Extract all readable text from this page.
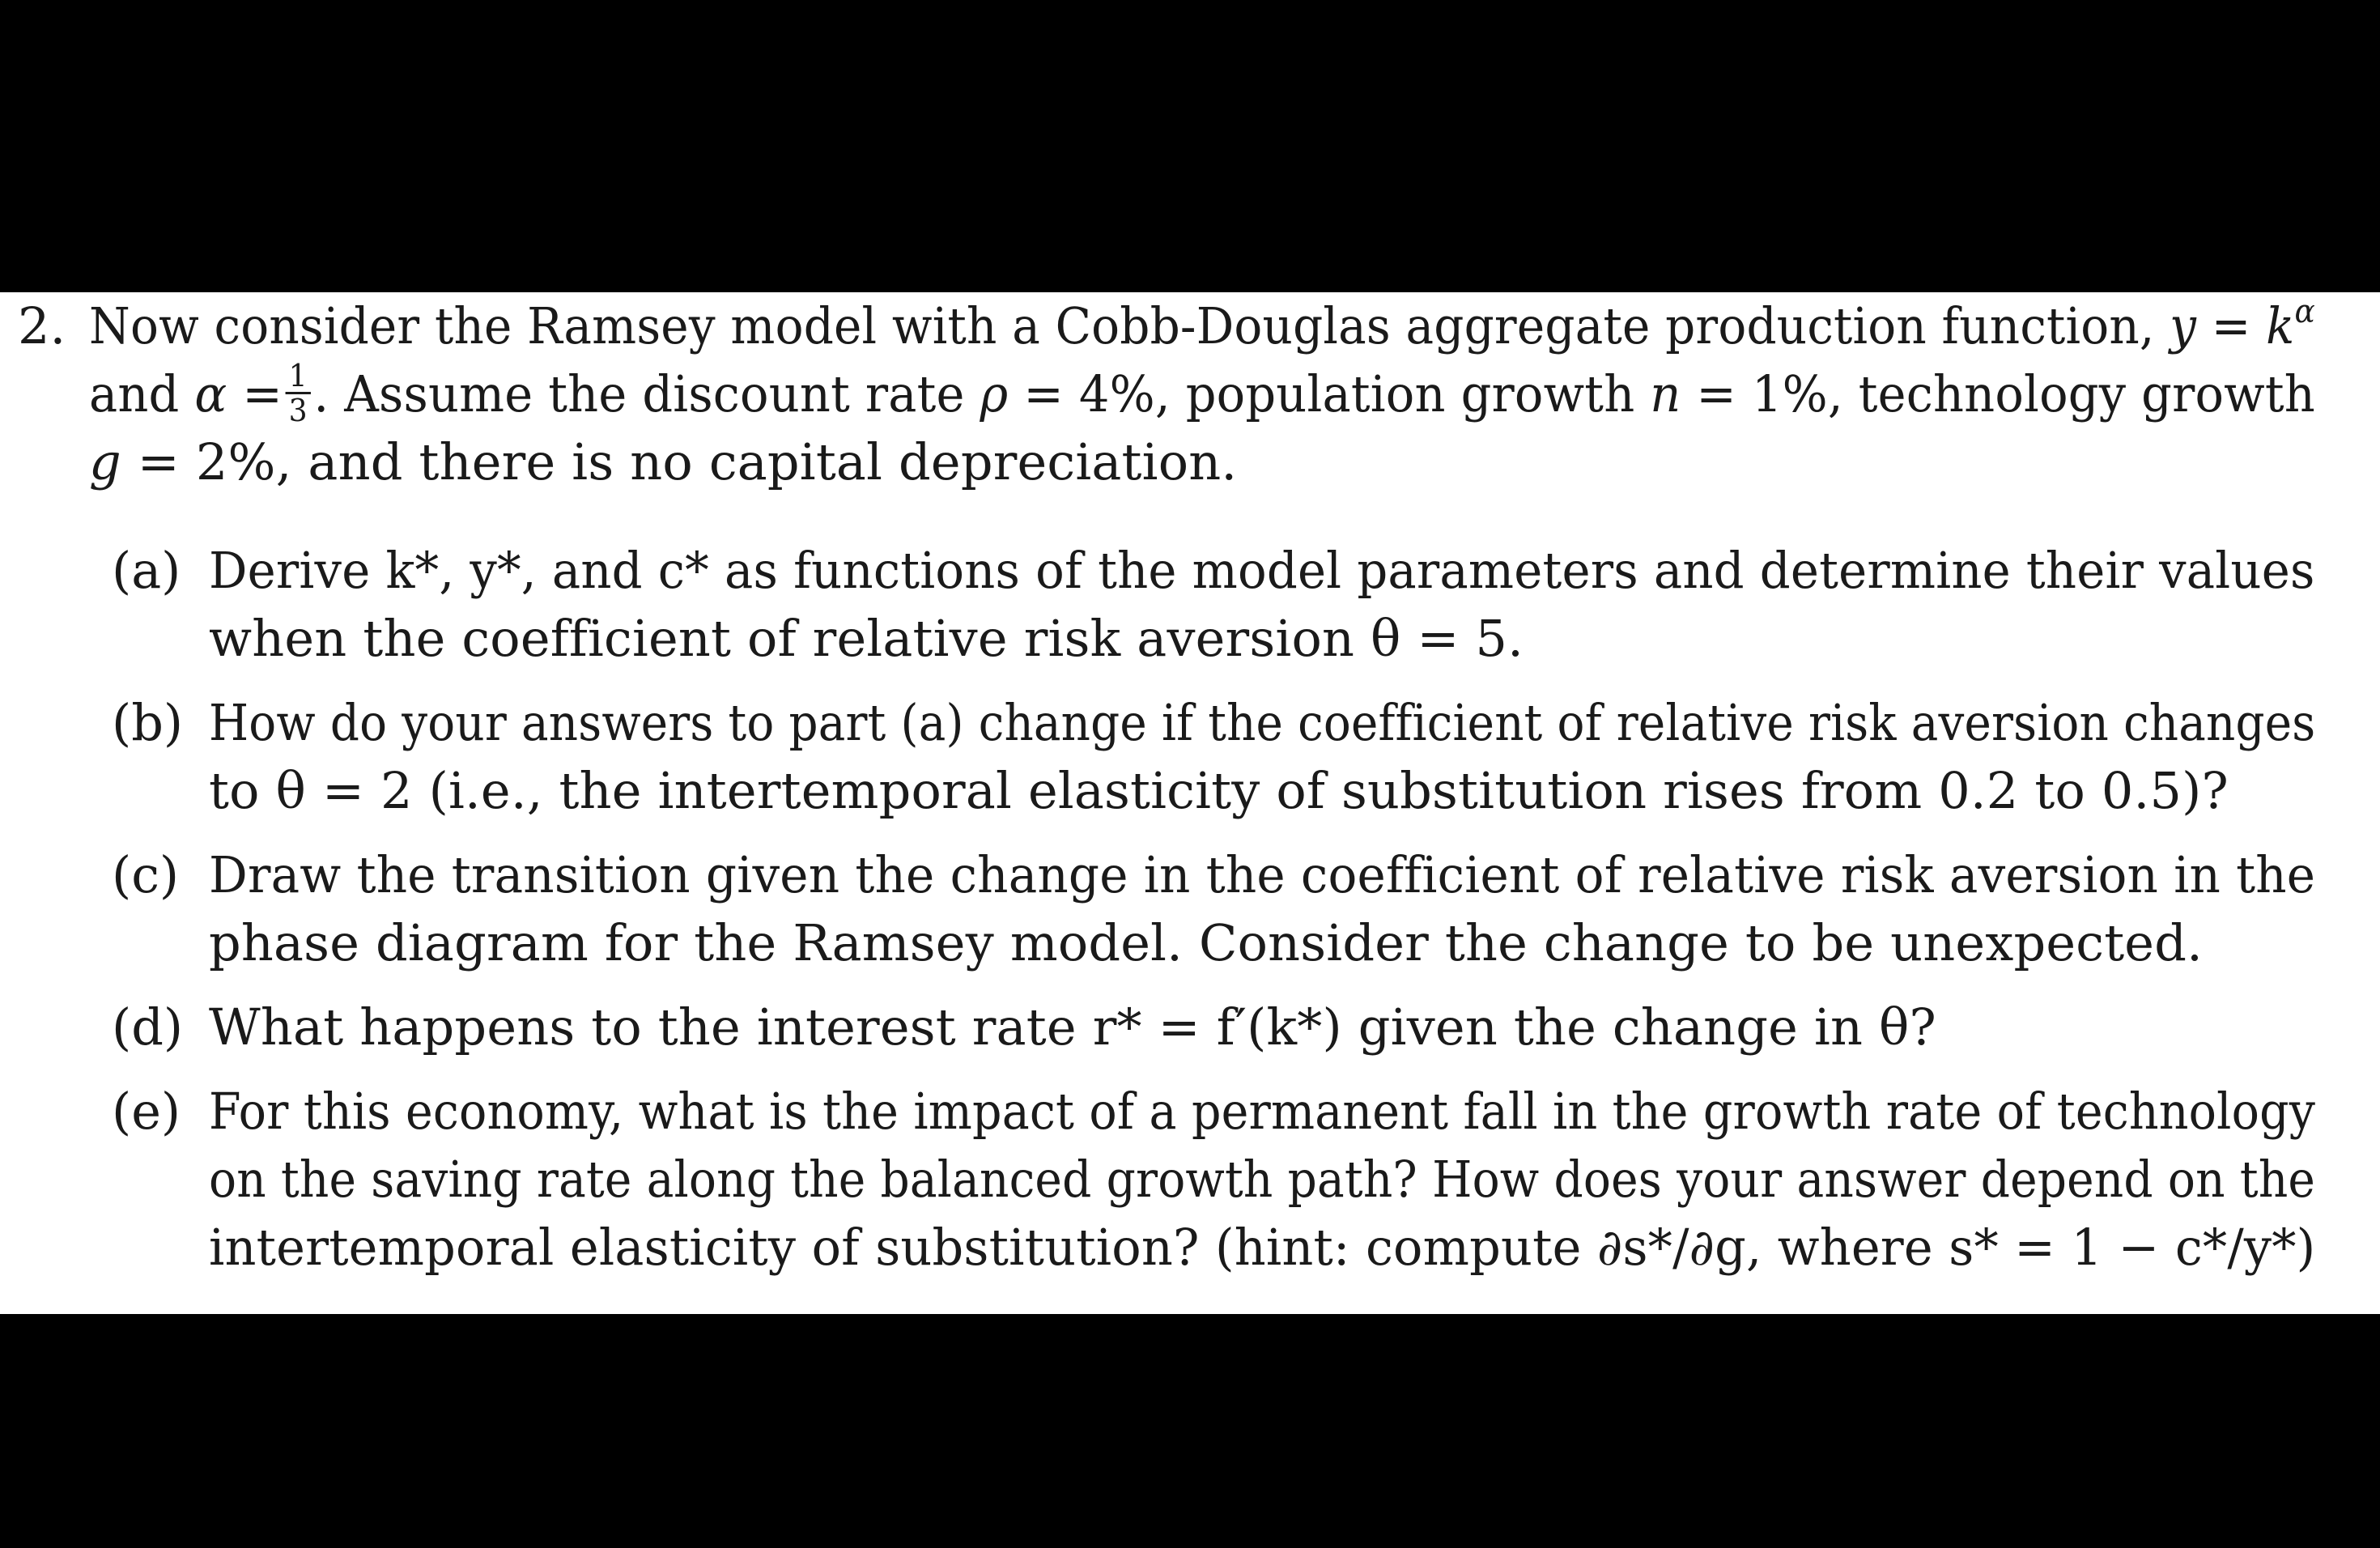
2. Now consider the Ramsey model with a Cobb-Douglas aggregate production function, $y = k^\alpha$
and $\alpha = \frac{1}{3}$ . Assume the discount rate ρ = 4%, population growth n = 1%, technology growth
g = 2%, and there is no capital depreciation.
(a) Derive k*, y*, and c* as functions of the model parameters and determine their values
when the coefficient of relative risk aversion θ = 5.
(b) How do your answers to part (a) change if the coefficient of relative risk aversion changes
to θ = 2 (i.e., the intertemporal elasticity of substitution rises from 0.2 to 0.5)?
(c) Draw the transition given the change in the coefficient of relative risk aversion in the
phase diagram for the Ramsey model. Consider the change to be unexpected.
(d) What happens to the interest rate r* = f′(k*) given the change in θ?
(e) For this economy, what is the impact of a permanent fall in the growth rate of technology
on the saving rate along the balanced growth path? How does your answer depend on the
intertemporal elasticity of substitution? (hint: compute ∂s*/∂g, where s* = 1 − c*/y*)
